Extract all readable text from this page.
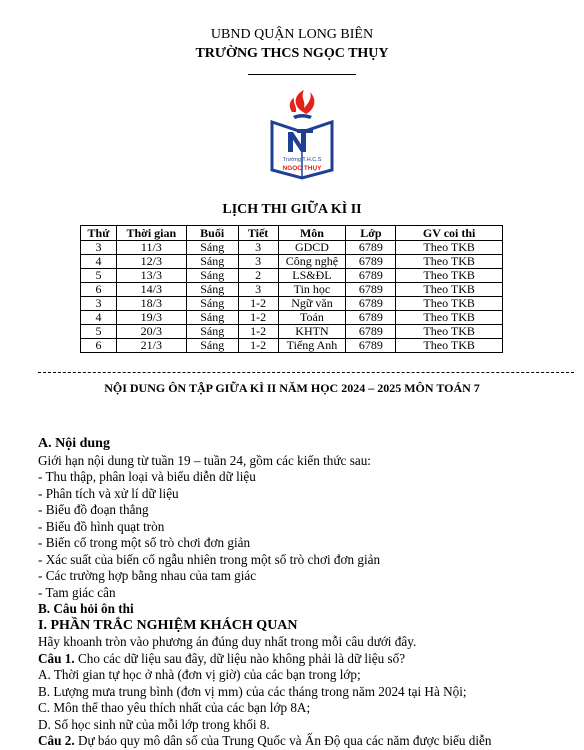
UBND QUẬN LONG BIÊN
TRƯỜNG THCS NGỌC THỤY
Trường T.H.C.S
NGỌC THỤY
LỊCH THI GIỮA KÌ II
Thứ	Thời gian	Buổi	Tiết	Môn	Lớp	GV coi thi
3	11/3	Sáng	3	GDCD	6789	Theo TKB
4	12/3	Sáng	3	Công nghệ	6789	Theo TKB
5	13/3	Sáng	2	LS&ĐL	6789	Theo TKB
6	14/3	Sáng	3	Tin học	6789	Theo TKB
3	18/3	Sáng	1-2	Ngữ văn	6789	Theo TKB
4	19/3	Sáng	1-2	Toán	6789	Theo TKB
5	20/3	Sáng	1-2	KHTN	6789	Theo TKB
6	21/3	Sáng	1-2	Tiếng Anh	6789	Theo TKB
NỘI DUNG ÔN TẬP GIỮA KÌ II NĂM HỌC 2024 – 2025 MÔN TOÁN 7

A. Nội dung

Giới hạn nội dung từ tuần 19 – tuần 24, gồm các kiến thức sau:

- Thu thập, phân loại và biểu diễn dữ liệu

- Phân tích và xử lí dữ liệu

- Biểu đồ đoạn thẳng

- Biểu đồ hình quạt tròn

- Biến cố trong một số trò chơi đơn giản

- Xác suất của biến cố ngẫu nhiên trong một số trò chơi đơn giản

- Các trường hợp bằng nhau của tam giác

- Tam giác cân

B. Câu hỏi ôn thi

I. PHẦN TRẮC NGHIỆM KHÁCH QUAN

Hãy khoanh tròn vào phương án đúng duy nhất trong mỗi câu dưới đây.

Câu 1. Cho các dữ liệu sau đây, dữ liệu nào không phải là dữ liệu số?

A. Thời gian tự học ở nhà (đơn vị giờ) của các bạn trong lớp;

B. Lượng mưa trung bình (đơn vị mm) của các tháng trong năm 2024 tại Hà Nội;

C. Môn thể thao yêu thích nhất của các bạn lớp 8A;

D. Số học sinh nữ của mỗi lớp trong khối 8.

Câu 2. Dự báo quy mô dân số của Trung Quốc và Ấn Độ qua các năm được biểu diễn
